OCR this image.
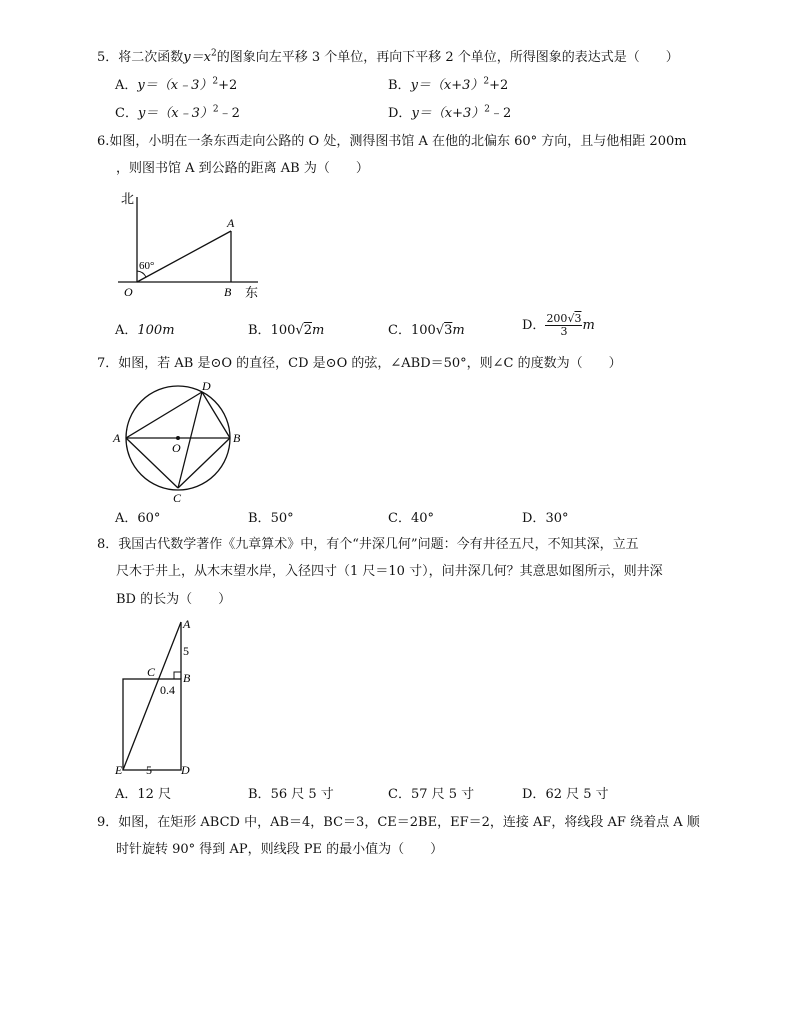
5．将二次函数$y=x^2$的图象向左平移 3 个单位，再向下平移 2 个单位，所得图象的表达式是（　　）
A．y＝（x﹣3）$^2$+2	B．$y=(x+3)^2+2$
C．y＝（x﹣3）$^2$﹣2	D．$y=(x+3)^2﹣2$
6.如图，小明在一条东西走向公路的 O 处，测得图书馆 A 在他的北偏东 60° 方向，且与他相距 200m
，则图书馆 A 到公路的距离 AB 为（　　）
北
60°
A
O	B 东
A．100m	B．100√2m	C．100√3m	D． $\frac{200√3}{3}$ m
7．如图，若 AB 是⊙O 的直径，CD 是⊙O 的弦，∠ABD＝50°，则∠C 的度数为（　　）
D
A	B
O
C
A．60°	B．50°	C．40°	D．30°
8．我国古代数学著作《九章算术》中，有个“井深几何”问题：今有井径五尺，不知其深，立五
尺木于井上，从木末望水岸，入径四寸（1 尺＝10 寸），问井深几何？其意思如图所示，则井深
BD 的长为（　　）
A
5
C B
0.4
E 5 D
A．12 尺	B．56 尺 5 寸	C．57 尺 5 寸	D．62 尺 5 寸
9．如图，在矩形 ABCD 中，AB＝4，BC＝3，CE＝2BE，EF＝2，连接 AF，将线段 AF 绕着点 A 顺
时针旋转 90° 得到 AP，则线段 PE 的最小值为（　　）
